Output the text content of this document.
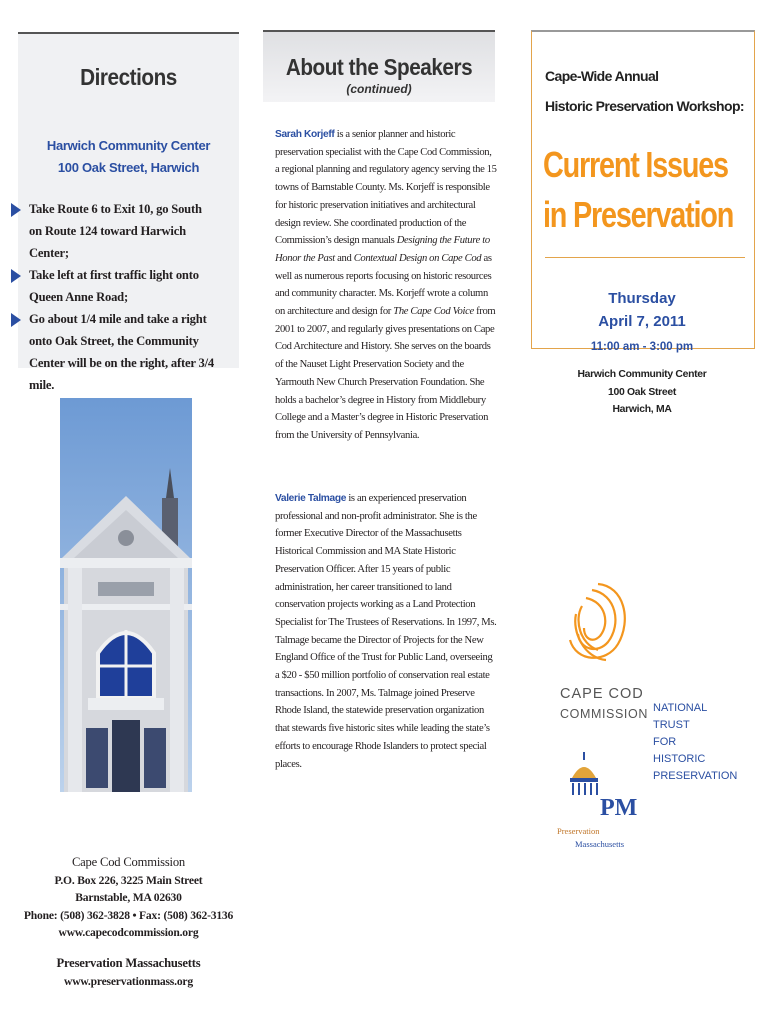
Directions
Harwich Community Center
100 Oak Street, Harwich
Take Route 6 to Exit 10, go South on Route 124 toward Harwich Center;
Take left at first traffic light onto Queen Anne Road;
Go about 1/4 mile and take a right onto Oak Street, the Community Center will be on the right, after 3/4 mile.
Cape Cod Commission
P.O. Box 226, 3225 Main Street
Barnstable, MA 02630
Phone: (508) 362-3828 • Fax: (508) 362-3136
www.capecodcommission.org
Preservation Massachusetts
www.preservationmass.org
About the Speakers
(continued)
Sarah Korjeff is a senior planner and historic preservation specialist with the Cape Cod Commission, a regional planning and regulatory agency serving the 15 towns of Barnstable County. Ms. Korjeff is responsible for historic preservation initiatives and architectural design review. She coordinated production of the Commission’s design manuals Designing the Future to Honor the Past and Contextual Design on Cape Cod as well as numerous reports focusing on historic resources and community character. Ms. Korjeff wrote a column on architecture and design for The Cape Cod Voice from 2001 to 2007, and regularly gives presentations on Cape Cod Architecture and History. She serves on the boards of the Nauset Light Preservation Society and the Yarmouth New Church Preservation Foundation. She holds a bachelor’s degree in History from Middlebury College and a Master’s degree in Historic Preservation from the University of Pennsylvania.
Valerie Talmage is an experienced preservation professional and non-profit administrator. She is the former Executive Director of the Massachusetts Historical Commission and MA State Historic Preservation Officer. After 15 years of public administration, her career transitioned to land conservation projects working as a Land Protection Specialist for The Trustees of Reservations. In 1997, Ms. Talmage became the Director of Projects for the New England Office of the Trust for Public Land, overseeing a $20 - $50 million portfolio of conservation real estate transactions. In 2007, Ms. Talmage joined Preserve Rhode Island, the statewide preservation organization that stewards five historic sites while leading the state’s efforts to encourage Rhode Islanders to protect special places.
Cape-Wide Annual
Historic Preservation Workshop:
Current Issues
in Preservation
Thursday
April 7, 2011
11:00 am - 3:00 pm
Harwich Community Center
100 Oak Street
Harwich, MA
CAPE COD
COMMISSION NATIONAL
TRUST
FOR
HISTORIC
PRESERVATION
PM
Preservation
Massachusetts
